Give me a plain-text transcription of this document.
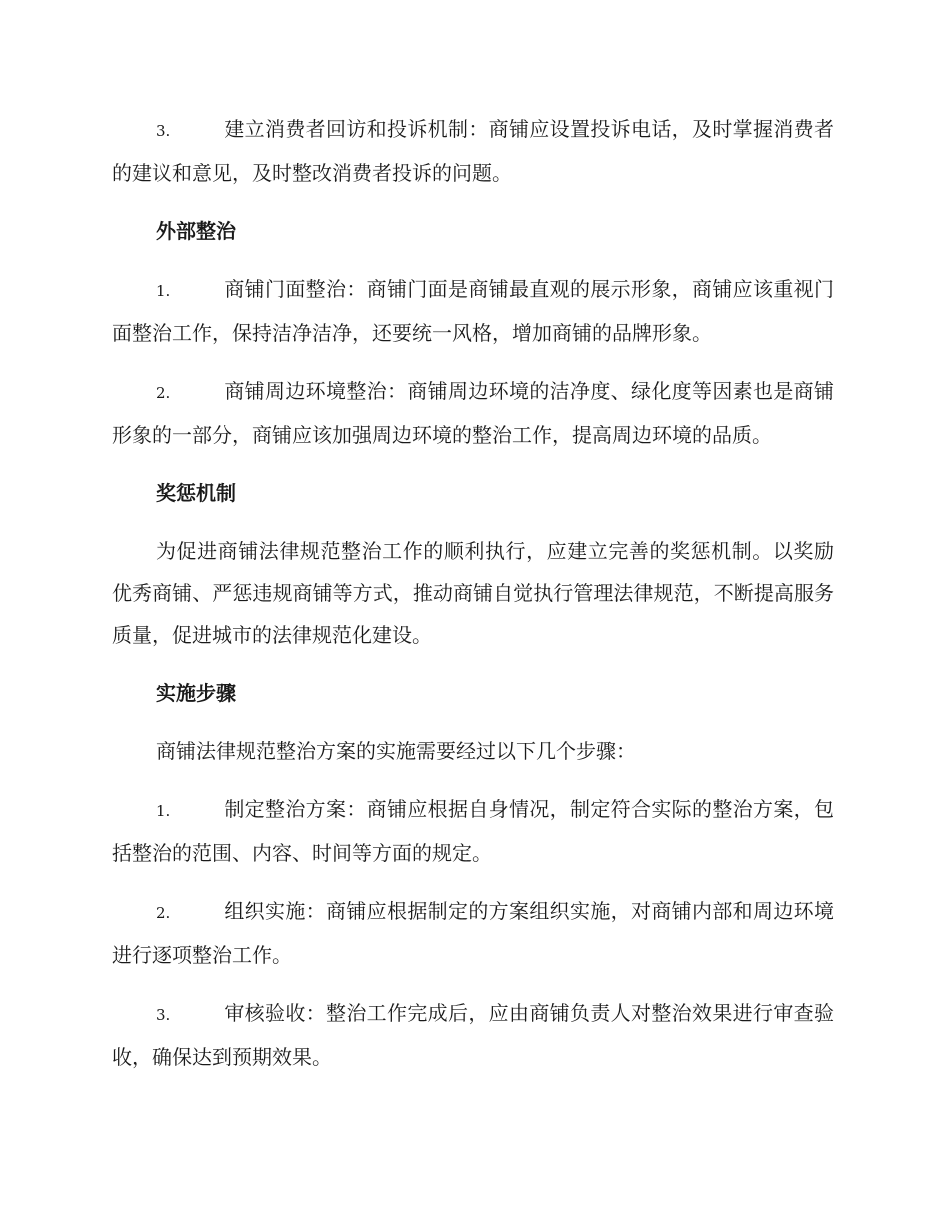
3.	建立消费者回访和投诉机制：商铺应设置投诉电话，及时掌握消费者的建议和意见，及时整改消费者投诉的问题。

外部整治

1.	商铺门面整治：商铺门面是商铺最直观的展示形象，商铺应该重视门面整治工作，保持洁净洁净，还要统一风格，增加商铺的品牌形象。

2.	商铺周边环境整治：商铺周边环境的洁净度、绿化度等因素也是商铺形象的一部分，商铺应该加强周边环境的整治工作，提高周边环境的品质。

奖惩机制

为促进商铺法律规范整治工作的顺利执行，应建立完善的奖惩机制。以奖励优秀商铺、严惩违规商铺等方式，推动商铺自觉执行管理法律规范，不断提高服务质量，促进城市的法律规范化建设。

实施步骤

商铺法律规范整治方案的实施需要经过以下几个步骤：

1.	制定整治方案：商铺应根据自身情况，制定符合实际的整治方案，包括整治的范围、内容、时间等方面的规定。

2.	组织实施：商铺应根据制定的方案组织实施，对商铺内部和周边环境进行逐项整治工作。

3.	审核验收：整治工作完成后，应由商铺负责人对整治效果进行审查验收，确保达到预期效果。
